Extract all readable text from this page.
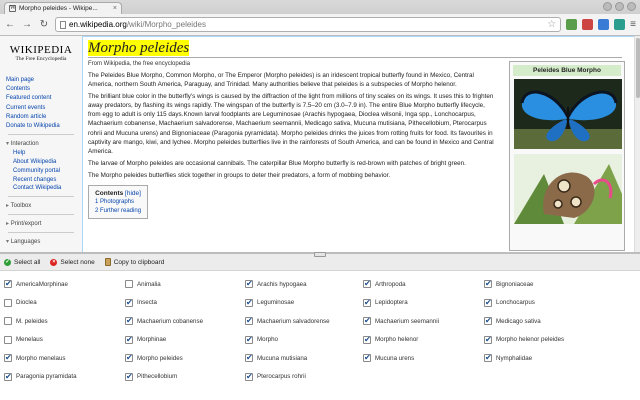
W Morpho peleides - Wikipe...	×
← → ↻	en.wikipedia.org/wiki/Morpho_peleides	☆	≡
WIKIPEDIA
The Free Encyclopedia
Main page
Contents
Featured content
Current events
Random article
Donate to Wikipedia
▾ Interaction
Help
About Wikipedia
Community portal
Recent changes
Contact Wikipedia
▸ Toolbox
▸ Print/export
▾ Languages
Morpho peleides
From Wikipedia, the free encyclopedia

The Peleides Blue Morpho, Common Morpho, or The Emperor (Morpho peleides) is an iridescent tropical butterfly found in Mexico, Central America, northern South America, Paraguay, and Trinidad. Many authorities believe that peleides is a subspecies of Morpho helenor.

The brilliant blue color in the butterfly's wings is caused by the diffraction of the light from millions of tiny scales on its wings. It uses this to frighten away predators, by flashing its wings rapidly. The wingspan of the butterfly is 7.5–20 cm (3.0–7.9 in). The entire Blue Morpho butterfly lifecycle, from egg to adult is only 115 days.Known larval foodplants are Leguminosae (Arachis hypogaea, Dioclea wilsonii, Inga spp., Lonchocarpus, Machaerium cobanense, Machaerium salvadorense, Machaerium seemannii, Medicago sativa, Mucuna mutisiana, Pithecellobium, Pterocarpus rohrii and Mucuna urens) and Bignoniaceae (Paragonia pyramidata). Morpho peleides drinks the juices from rotting fruits for food. Its favourites in captivity are mango, kiwi, and lychee. Morpho peleides butterflies live in the rainforests of South America, and can be found in Mexico and Central America.

The larvae of Morpho peleides are occasional cannibals. The caterpillar Blue Morpho butterfly is red-brown with patches of bright green.

The Morpho peleides butterflies stick together in groups to deter their predators, a form of mobbing behavior.

Contents [hide]
1 Photographs
2 Further reading
Peleides Blue Morpho

✓ Select all	× Select none	Copy to clipboard
✔
AmericaMorphinae	Animalia ✔	Arachis hypogaea ✔	Arthropoda ✔	Bignoniaceae
Dioclea ✔	Insecta ✔	Leguminosae ✔	Lepidoptera ✔	Lonchocarpus
M. peleides ✔	Machaerium cobanense ✔	Machaerium salvadorense ✔	Machaerium seemannii ✔	Medicago sativa
Menelaus ✔	Morphinae ✔	Morpho ✔	Morpho helenor ✔	Morpho helenor peleides
✔
Morpho menelaus ✔	Morpho peleides ✔	Mucuna mutisiana ✔	Mucuna urens ✔	Nymphalidae
✔
Paragonia pyramidata ✔	Pithecellobium ✔	Pterocarpus rohrii
